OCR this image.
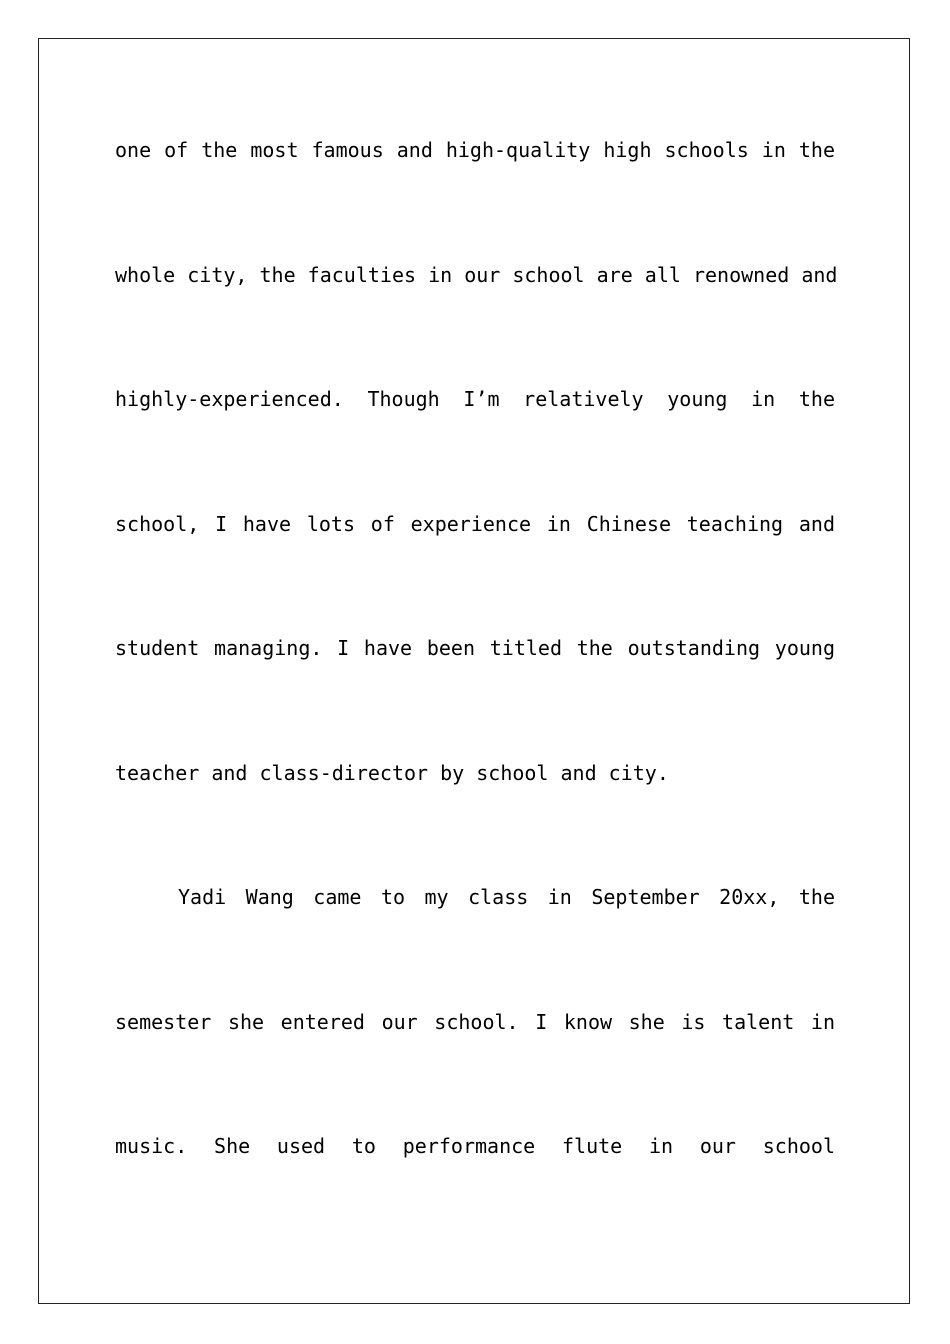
one of the most famous and high-quality high schools in the
whole city, the faculties in our school are all renowned and
highly-experienced. Though I’m relatively young in the
school, I have lots of experience in Chinese teaching and
student managing. I have been titled the outstanding young
teacher and class-director by school and city.
Yadi Wang came to my class in September 20xx, the
semester she entered our school. I know she is talent in
music. She used to performance flute in our school
